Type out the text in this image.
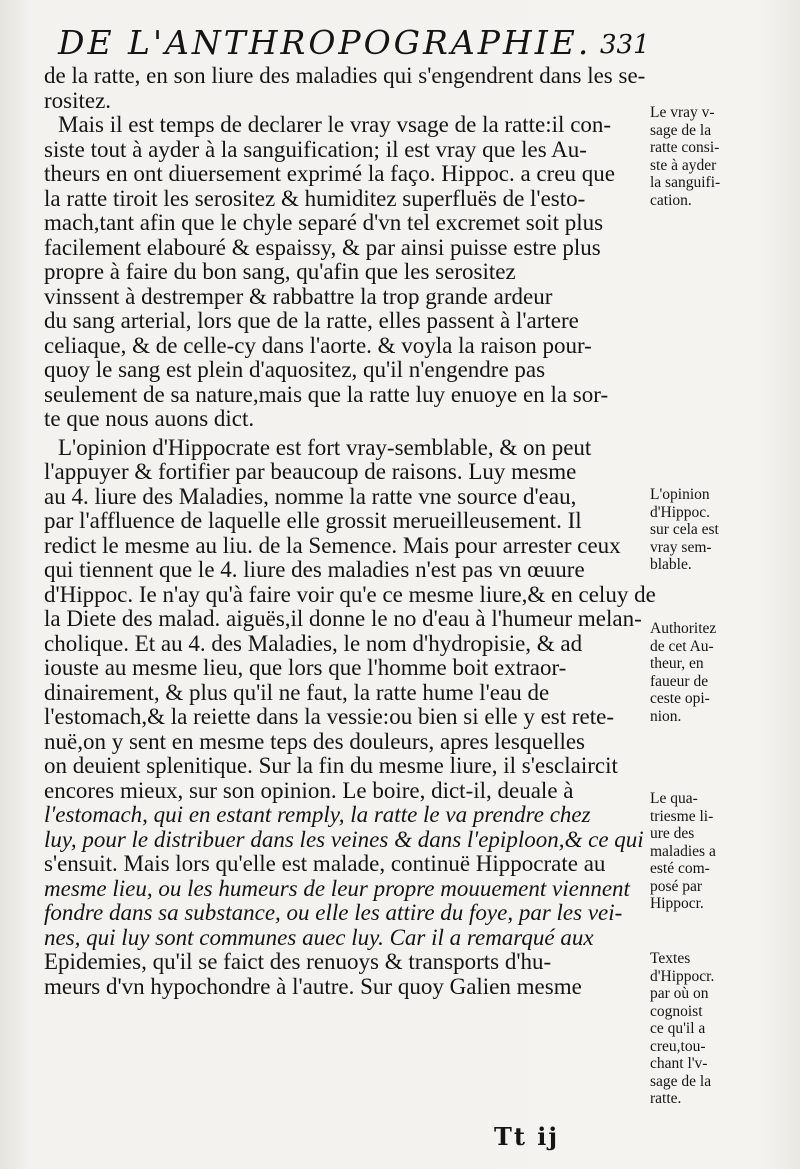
DE L'ANTHROPOGRAPHIE. 331
de la ratte, en son liure des maladies qui s'engendrent dans les se-
rositez.
Mais il est temps de declarer le vray vsage de la ratte:il con-
siste tout à ayder à la sanguification; il est vray que les Au-
theurs en ont diuersement exprimé la faço. Hippoc. a creu que
la ratte tiroit les serositez & humiditez superfluës de l'esto-
mach,tant afin que le chyle separé d'vn tel excremet soit plus
facilement elabouré & espaissy, & par ainsi puisse estre plus
propre à faire du bon sang, qu'afin que les serositez
vinssent à destremper & rabbattre la trop grande ardeur
du sang arterial, lors que de la ratte, elles passent à l'artere
celiaque, & de celle-cy dans l'aorte. & voyla la raison pour-
quoy le sang est plein d'aquositez, qu'il n'engendre pas
seulement de sa nature,mais que la ratte luy enuoye en la sor-
te que nous auons dict.
L'opinion d'Hippocrate est fort vray-semblable, & on peut
l'appuyer & fortifier par beaucoup de raisons. Luy mesme
au 4. liure des Maladies, nomme la ratte vne source d'eau,
par l'affluence de laquelle elle grossit merueilleusement. Il
redict le mesme au liu. de la Semence. Mais pour arrester ceux
qui tiennent que le 4. liure des maladies n'est pas vn œuure
d'Hippoc. Ie n'ay qu'à faire voir qu'e ce mesme liure,& en celuy de
la Diete des malad. aiguës,il donne le no d'eau à l'humeur melan-
cholique. Et au 4. des Maladies, le nom d'hydropisie, & ad
iouste au mesme lieu, que lors que l'homme boit extraor-
dinairement, & plus qu'il ne faut, la ratte hume l'eau de
l'estomach,& la reiette dans la vessie:ou bien si elle y est rete-
nuë,on y sent en mesme teps des douleurs, apres lesquelles
on deuient splenitique. Sur la fin du mesme liure, il s'esclaircit
encores mieux, sur son opinion. Le boire, dict-il, deuale à
l'estomach, qui en estant remply, la ratte le va prendre chez
luy, pour le distribuer dans les veines & dans l'epiploon,& ce qui
s'ensuit. Mais lors qu'elle est malade, continuë Hippocrate au
mesme lieu, ou les humeurs de leur propre mouuement viennent
fondre dans sa substance, ou elle les attire du foye, par les vei-
nes, qui luy sont communes auec luy. Car il a remarqué aux
Epidemies, qu'il se faict des renuoys & transports d'hu-
meurs d'vn hypochondre à l'autre. Sur quoy Galien mesme
Le vray v-
sage de la
ratte consi-
ste à ayder
la sanguifi-
cation.
L'opinion
d'Hippoc.
sur cela est
vray sem-
blable.
Authoritez
de cet Au-
theur, en
faueur de
ceste opi-
nion.
Le qua-
triesme li-
ure des
maladies a
esté com-
posé par
Hippocr.
Textes
d'Hippocr.
par où on
cognoist
ce qu'il a
creu,tou-
chant l'v-
sage de la
ratte.
Tt ij
